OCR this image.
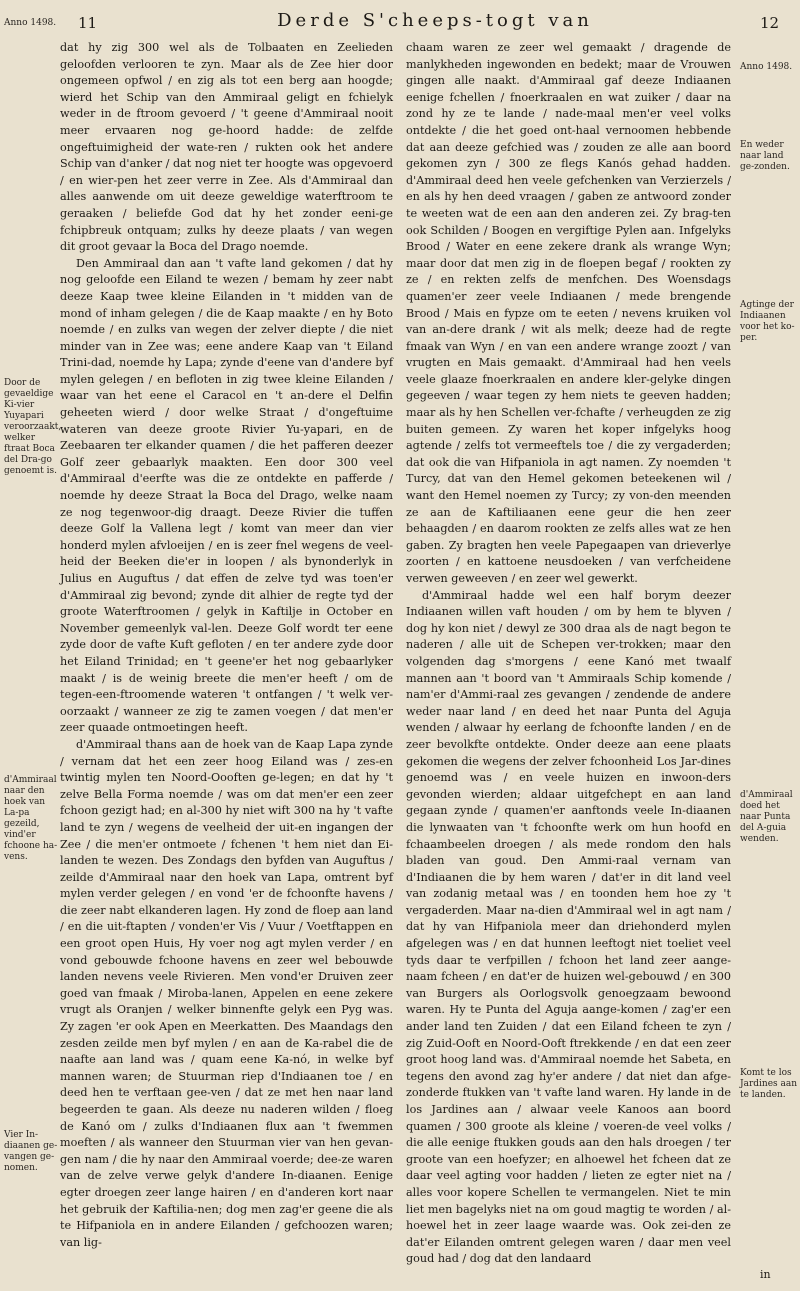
11	Derde S'cheeps-togt van	12
Anno 1498.
Anno 1498.
Door de gevaeldige Ki-vier Yuyapari veroorzaakt, welker ftraat Boca del Dra-go genoemt is.
d'Ammiraal naar den hoek van La-pa gezeild, vind'er fchoone ha-vens.
Vier In-diaanen ge-vangen ge-nomen.
En weder naar land ge-zonden.
Agtinge der Indiaanen voor het ko-per.
d'Ammiraal doed het naar Punta del A-guia wenden.
Komt te los Jardines aan te landen.

dat hy zig 300 wel als de Tolbaaten en Zeelieden geloofden verlooren te zyn. Maar als de Zee hier door ongemeen opfwol / en zig als tot een berg aan hoogde; wierd het Schip van den Ammiraal geligt en fchielyk weder in de ftroom gevoerd / 't geene d'Ammiraal nooit meer ervaaren nog ge-hoord hadde: de zelfde ongeftuimigheid der wate-ren / rukten ook het andere Schip van d'anker / dat nog niet ter hoogte was opgevoerd / en wier-pen het zeer verre in Zee. Als d'Ammiraal dan alles aanwende om uit deeze geweldige waterftroom te geraaken / beliefde God dat hy het zonder eeni-ge fchipbreuk ontquam; zulks hy deeze plaats / van wegen dit groot gevaar la Boca del Drago noemde.

Den Ammiraal dan aan 't vafte land gekomen / dat hy nog geloofde een Eiland te wezen / bemam hy zeer nabt deeze Kaap twee kleine Eilanden in 't midden van de mond of inham gelegen / die de Kaap maakte / en hy Boto noemde / en zulks van wegen der zelver diepte / die niet minder van in Zee was; eene andere Kaap van 't Eiland Trini-dad, noemde hy Lapa; zynde d'eene van d'andere byf mylen gelegen / en befloten in zig twee kleine Eilanden / waar van het eene el Caracol en 't an-dere el Delfin geheeten wierd / door welke Straat / d'ongeftuime wateren van deeze groote Rivier Yu-yapari, en de Zeebaaren ter elkander quamen / die het pafferen deezer Golf zeer gebaarlyk maakten. Een door 300 veel d'Ammiraal d'eerfte was die ze ontdekte en pafferde / noemde hy deeze Straat la Boca del Drago, welke naam ze nog tegenwoor-dig draagt. Deeze Rivier die tuffen deeze Golf la Vallena legt / komt van meer dan vier honderd mylen afvloeijen / en is zeer fnel wegens de veel-heid der Beeken die'er in loopen / als bynonderlyk in Julius en Auguftus / dat effen de zelve tyd was toen'er d'Ammiraal zig bevond; zynde dit alhier de regte tyd der groote Waterftroomen / gelyk in Kaftilje in October en November gemeenlyk val-len. Deeze Golf wordt ter eene zyde door de vafte Kuft gefloten / en ter andere zyde door het Eiland Trinidad; en 't geene'er het nog gebaarlyker maakt / is de weinig breete die men'er heeft / om de tegen-een-ftroomende wateren 't ontfangen / 't welk ver-oorzaakt / wanneer ze zig te zamen voegen / dat men'er zeer quaade ontmoetingen heeft.

d'Ammiraal thans aan de hoek van de Kaap Lapa zynde / vernam dat het een zeer hoog Eiland was / zes-en twintig mylen ten Noord-Oooften ge-legen; en dat hy 't zelve Bella Forma noemde / was om dat men'er een zeer fchoon gezigt had; en al-300 hy niet wift 300 na hy 't vafte land te zyn / wegens de veelheid der uit-en ingangen der Zee / die men'er ontmoete / fchenen 't hem niet dan Ei-landen te wezen. Des Zondags den byfden van Auguftus / zeilde d'Ammiraal naar den hoek van Lapa, omtrent byf mylen verder gelegen / en vond 'er de fchoonfte havens / die zeer nabt elkanderen lagen. Hy zond de floep aan land / en die uit-ftapten / vonden'er Vis / Vuur / Voetftappen en een groot open Huis, Hy voer nog agt mylen verder / en vond gebouwde fchoone havens en zeer wel bebouwde landen nevens veele Rivieren. Men vond'er Druiven zeer goed van fmaak / Miroba-lanen, Appelen en eene zekere vrugt als Oranjen / welker binnenfte gelyk een Pyg was. Zy zagen 'er ook Apen en Meerkatten. Des Maandags den zesden zeilde men byf mylen / en aan de Ka-rabel die de naafte aan land was / quam eene Ka-nó, in welke byf mannen waren; de Stuurman riep d'Indiaanen toe / en deed hen te verftaan gee-ven / dat ze met hen naar land begeerden te gaan. Als deeze nu naderen wilden / floeg de Kanó om / zulks d'Indiaanen flux aan 't fwemmen moeften / als wanneer den Stuurman vier van hen gevan-gen nam / die hy naar den Ammiraal voerde; dee-ze waren van de zelve verwe gelyk d'andere In-diaanen. Eenige egter droegen zeer lange hairen / en d'anderen kort naar het gebruik der Kaftilia-nen; dog men zag'er geene die als te Hifpaniola en in andere Eilanden / gefchoozen waren; van lig-

chaam waren ze zeer wel gemaakt / dragende de manlykheden ingewonden en bedekt; maar de Vrouwen gingen alle naakt. d'Ammiraal gaf deeze Indiaanen eenige fchellen / fnoerkraalen en wat zuiker / daar na zond hy ze te lande / nade-maal men'er veel volks ontdekte / die het goed ont-haal vernoomen hebbende dat aan deeze gefchied was / zouden ze alle aan boord gekomen zyn / 300 ze flegs Kanós gehad hadden. d'Ammiraal deed hen veele gefchenken van Verzierzels / en als hy hen deed vraagen / gaben ze antwoord zonder te weeten wat de een aan den anderen zei. Zy brag-ten ook Schilden / Boogen en vergiftige Pylen aan. Infgelyks Brood / Water en eene zekere drank als wrange Wyn; maar door dat men zig in de floepen begaf / rookten zy ze / en rekten zelfs de menfchen. Des Woensdags quamen'er zeer veele Indiaanen / mede brengende Brood / Mais en fypze om te eeten / nevens kruiken vol van an-dere drank / wit als melk; deeze had de regte fmaak van Wyn / en van een andere wrange zoozt / van vrugten en Mais gemaakt. d'Ammiraal had hen veels veele glaaze fnoerkraalen en andere kler-gelyke dingen gegeeven / waar tegen zy hem niets te geeven hadden; maar als hy hen Schellen ver-fchafte / verheugden ze zig buiten gemeen. Zy waren het koper infgelyks hoog agtende / zelfs tot vermeeftels toe / die zy vergaderden; dat ook die van Hifpaniola in agt namen. Zy noemden 't Turcy, dat van den Hemel gekomen beteekenen wil / want den Hemel noemen zy Turcy; zy von-den meenden ze aan de Kaftiliaanen eene geur die hen zeer behaagden / en daarom rookten ze zelfs alles wat ze hen gaben. Zy bragten hen veele Papegaapen van drieverlye zoorten / en kattoene neusdoeken / van verfcheidene verwen geweeven / en zeer wel gewerkt.

d'Ammiraal hadde wel een half borym deezer Indiaanen willen vaft houden / om by hem te blyven / dog hy kon niet / dewyl ze 300 draa als de nagt begon te naderen / alle uit de Schepen ver-trokken; maar den volgenden dag s'morgens / eene Kanó met twaalf mannen aan 't boord van 't Ammiraals Schip komende / nam'er d'Ammi-raal zes gevangen / zendende de andere weder naar land / en deed het naar Punta del Aguja wenden / alwaar hy eerlang de fchoonfte landen / en de zeer bevolkfte ontdekte. Onder deeze aan eene plaats gekomen die wegens der zelver fchoonheid Los Jar-dines genoemd was / en veele huizen en inwoon-ders gevonden wierden; aldaar uitgefchept en aan land gegaan zynde / quamen'er aanftonds veele In-diaanen die lynwaaten van 't fchoonfte werk om hun hoofd en fchaambeelen droegen / als mede rondom den hals bladen van goud. Den Ammi-raal vernam van d'Indiaanen die by hem waren / dat'er in dit land veel van zodanig metaal was / en toonden hem hoe zy 't vergaderden. Maar na-dien d'Ammiraal wel in agt nam / dat hy van Hifpaniola meer dan driehonderd mylen afgelegen was / en dat hunnen leeftogt niet toeliet veel tyds daar te verfpillen / fchoon het land zeer aange-naam fcheen / en dat'er de huizen wel-gebouwd / en 300 van Burgers als Oorlogsvolk genoegzaam bewoond waren. Hy te Punta del Aguja aange-komen / zag'er een ander land ten Zuiden / dat een Eiland fcheen te zyn / zig Zuid-Ooft en Noord-Ooft ftrekkende / en dat een zeer groot hoog land was. d'Ammiraal noemde het Sabeta, en tegens den avond zag hy'er andere / dat niet dan afge-zonderde ftukken van 't vafte land waren. Hy lande in de los Jardines aan / alwaar veele Kanoos aan boord quamen / 300 groote als kleine / voeren-de veel volks / die alle eenige ftukken gouds aan den hals droegen / ter groote van een hoefyzer; en alhoewel het fcheen dat ze daar veel agting voor hadden / lieten ze egter niet na / alles voor kopere Schellen te vermangelen. Niet te min liet men bagelyks niet na om goud magtig te worden / al-hoewel het in zeer laage waarde was. Ook zei-den ze dat'er Eilanden omtrent gelegen waren / daar men veel goud had / dog dat den landaard

in
